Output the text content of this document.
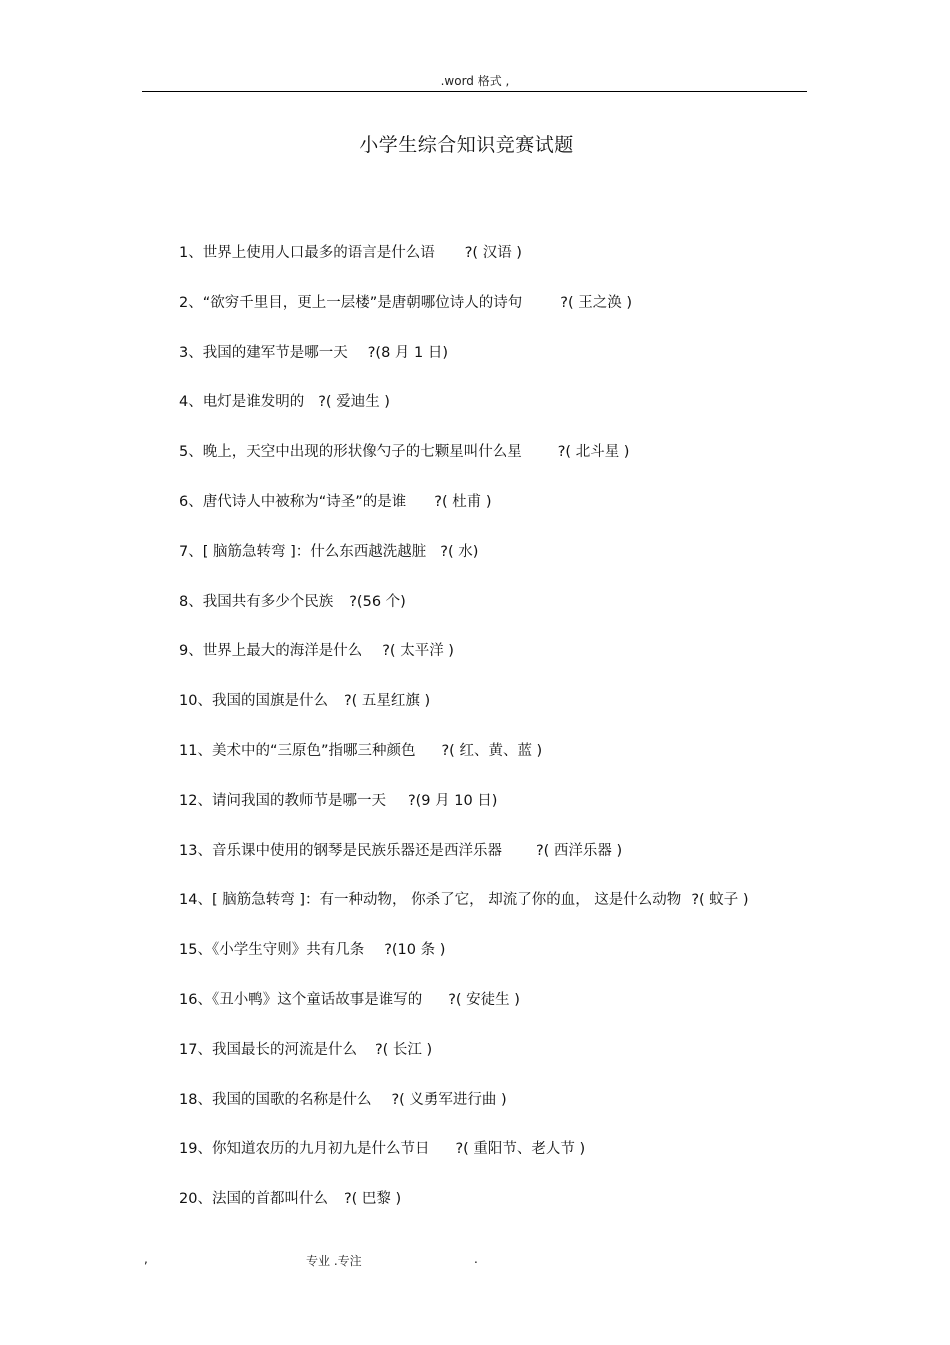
.word 格式 ,
小学生综合知识竞赛试题
1、世界上使用人口最多的语言是什么语 ?( 汉语 )
2、“欲穷千里目，更上一层楼”是唐朝哪位诗人的诗句	?( 王之涣 )
3、我国的建军节是哪一天 ?(8 月 1 日)
4、电灯是谁发明的 ?( 爱迪生 )
5、晚上，天空中出现的形状像勺子的七颗星叫什么星 ?( 北斗星 )
6、唐代诗人中被称为“诗圣”的是谁 ?( 杜甫 )
7、[ 脑筋急转弯 ]：什么东西越洗越脏 ?( 水)
8、我国共有多少个民族 ?(56 个)
9、世界上最大的海洋是什么 ?( 太平洋 )
10、我国的国旗是什么 ?( 五星红旗 )
11、美术中的“三原色”指哪三种颜色 ?( 红、黄、蓝 )
12、请问我国的教师节是哪一天 ?(9 月 10 日)
13、音乐课中使用的钢琴是民族乐器还是西洋乐器 ?( 西洋乐器 )
14、[ 脑筋急转弯 ]：有一种动物， 你杀了它， 却流了你的血， 这是什么动物 ?( 蚊子 )
15、《小学生守则》共有几条 ?(10 条 )
16、《丑小鸭》这个童话故事是谁写的 ?( 安徒生 )
17、我国最长的河流是什么 ?( 长江 )
18、我国的国歌的名称是什么 ?( 义勇军进行曲 )
19、你知道农历的九月初九是什么节日 ?( 重阳节、老人节 )
20、法国的首都叫什么 ?( 巴黎 )
,	专业 .专注	.
